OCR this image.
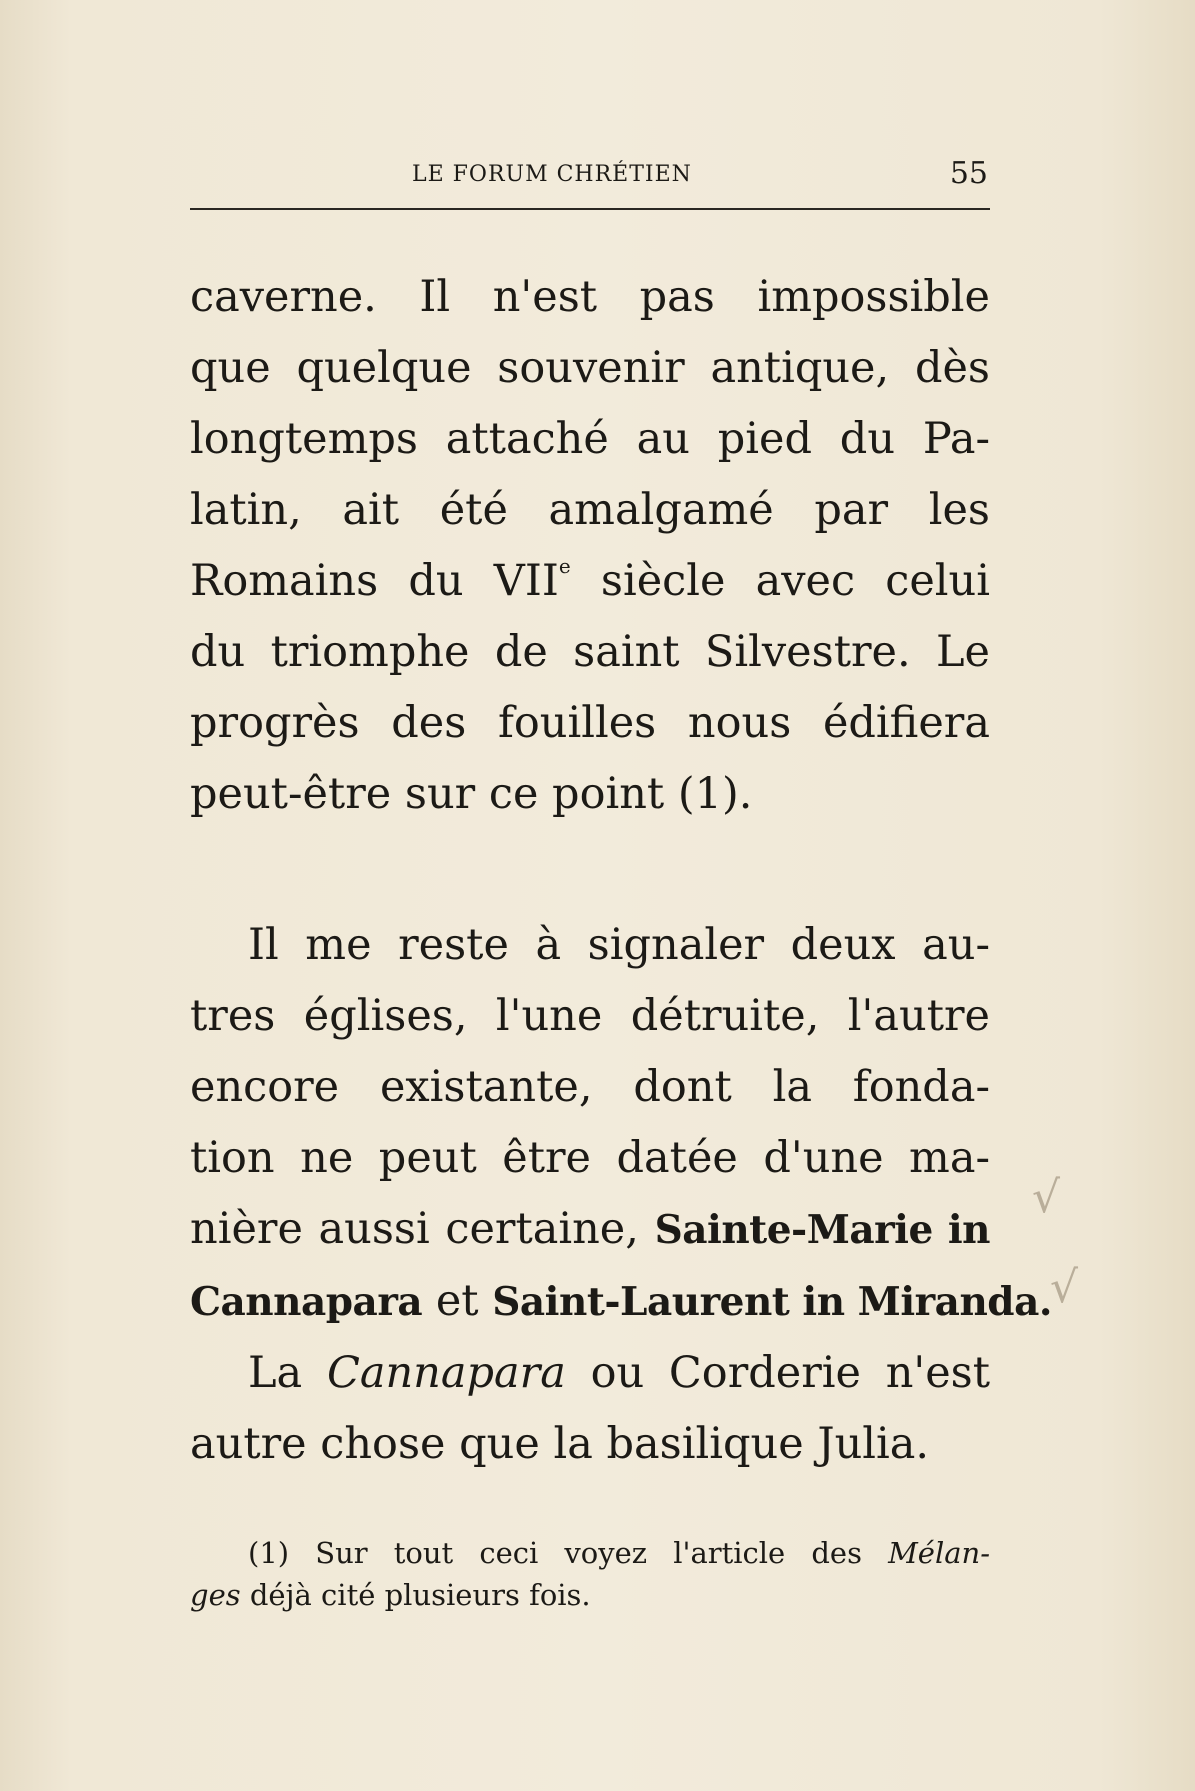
LE FORUM CHRÉTIEN	55
caverne. Il n'est pas impossible
que quelque souvenir antique, dès
longtemps attaché au pied du Pa-
latin, ait été amalgamé par les
Romains du VIIe siècle avec celui
du triomphe de saint Silvestre. Le
progrès des fouilles nous édifiera
peut-être sur ce point (1).
Il me reste à signaler deux au-
tres églises, l'une détruite, l'autre
encore existante, dont la fonda-
tion ne peut être datée d'une ma-
nière aussi certaine, Sainte-Marie in
Cannapara et Saint-Laurent in Miranda.
La Cannapara ou Corderie n'est
autre chose que la basilique Julia.
(1) Sur tout ceci voyez l'article des Mélan-
ges déjà cité plusieurs fois.
√
√
